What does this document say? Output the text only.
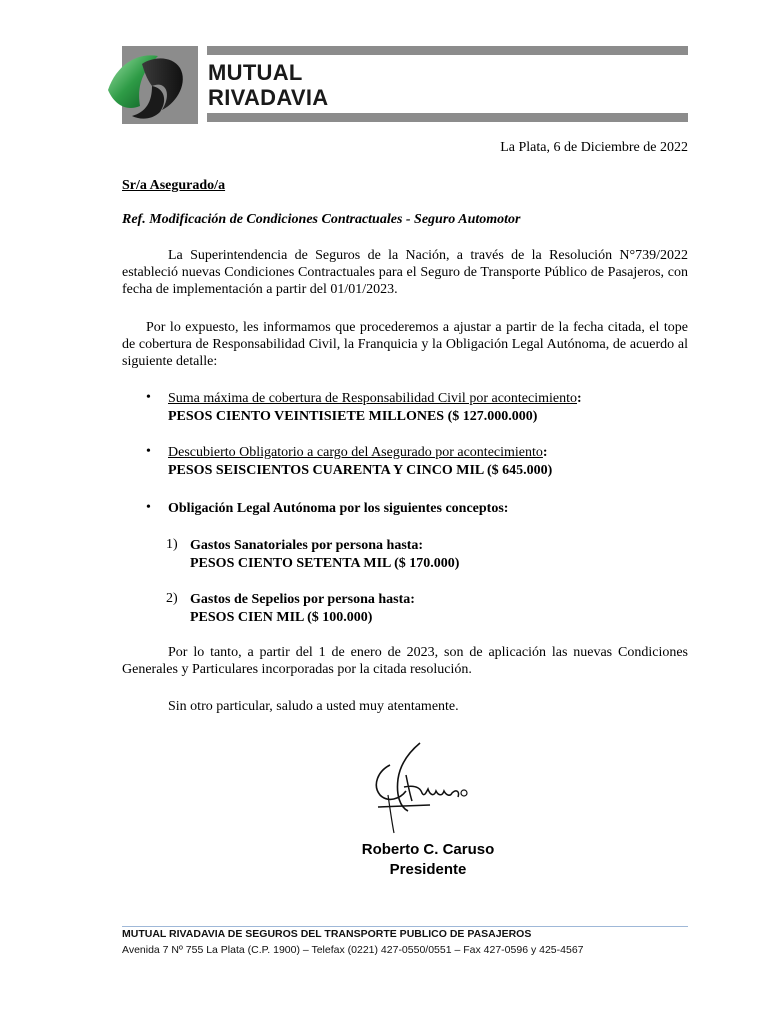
MUTUAL
RIVADAVIA
La Plata, 6 de Diciembre de 2022
Sr/a Asegurado/a
Ref. Modificación de Condiciones Contractuales - Seguro Automotor
La Superintendencia de Seguros de la Nación, a través de la Resolución N°739/2022 estableció nuevas Condiciones Contractuales para el Seguro de Transporte Público de Pasajeros, con fecha de implementación a partir del 01/01/2023.
Por lo expuesto, les informamos que procederemos a ajustar a partir de la fecha citada, el tope de cobertura de Responsabilidad Civil, la Franquicia y la Obligación Legal Autónoma, de acuerdo al siguiente detalle:
• Suma máxima de cobertura de Responsabilidad Civil por acontecimiento:
PESOS CIENTO VEINTISIETE MILLONES ($ 127.000.000)
• Descubierto Obligatorio a cargo del Asegurado por acontecimiento:
PESOS SEISCIENTOS CUARENTA Y CINCO MIL ($ 645.000)
• Obligación Legal Autónoma por los siguientes conceptos:
1) Gastos Sanatoriales por persona hasta:
PESOS CIENTO SETENTA MIL ($ 170.000)
2) Gastos de Sepelios por persona hasta:
PESOS CIEN MIL ($ 100.000)
Por lo tanto, a partir del 1 de enero de 2023, son de aplicación las nuevas Condiciones Generales y Particulares incorporadas por la citada resolución.
Sin otro particular, saludo a usted muy atentamente.
Roberto C. Caruso
Presidente
MUTUAL RIVADAVIA DE SEGUROS DEL TRANSPORTE PUBLICO DE PASAJEROS
Avenida 7 Nº 755 La Plata (C.P. 1900) – Telefax (0221) 427-0550/0551 – Fax 427-0596 y 425-4567
